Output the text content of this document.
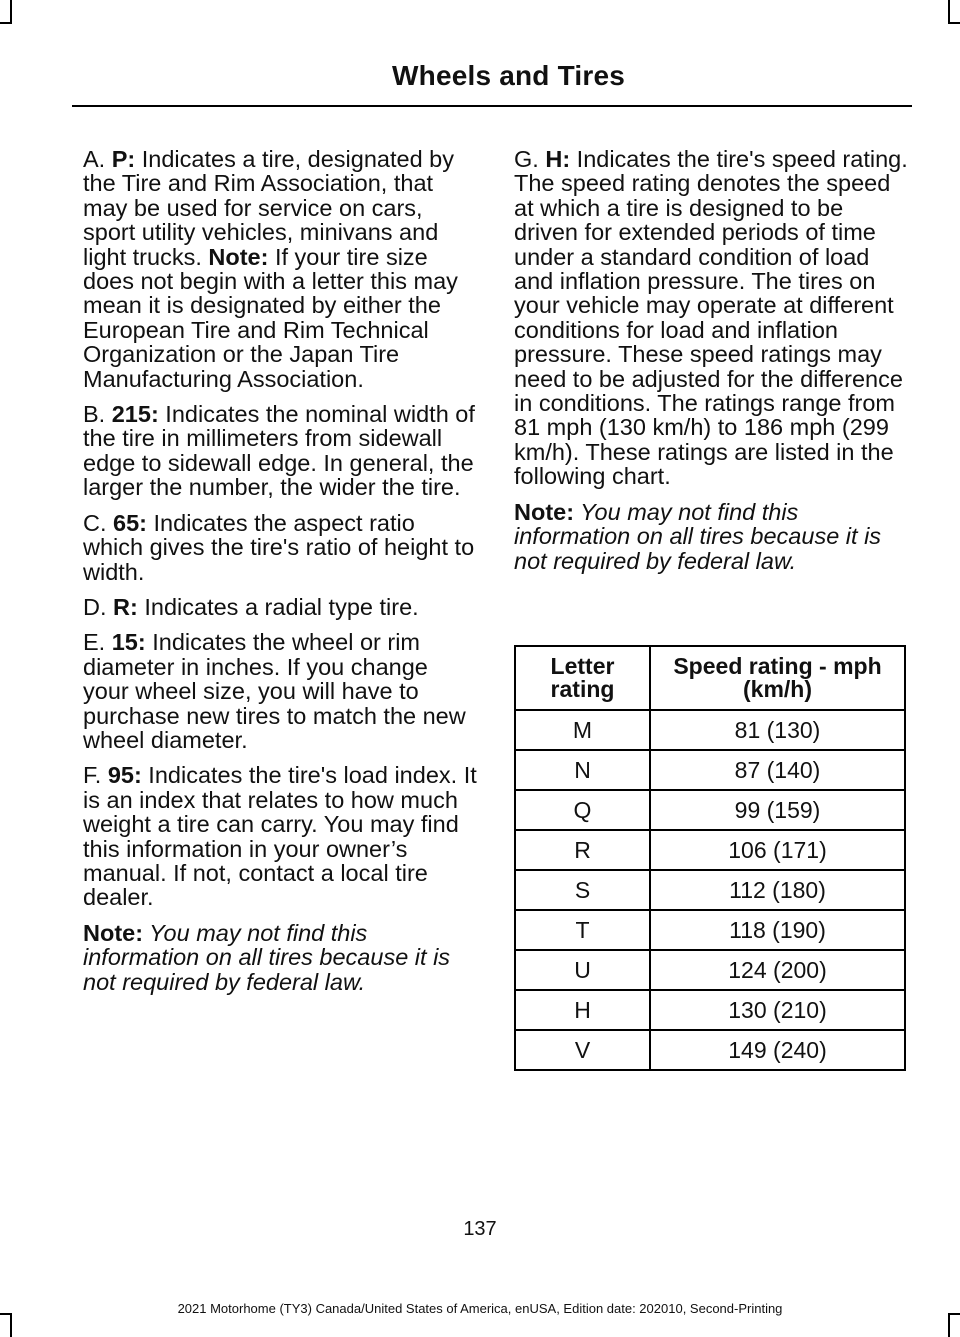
Wheels and Tires

A. P: Indicates a tire, designated by the Tire and Rim Association, that may be used for service on cars, sport utility vehicles, minivans and light trucks. Note: If your tire size does not begin with a letter this may mean it is designated by either the European Tire and Rim Technical Organization or the Japan Tire Manufacturing Association.

B. 215: Indicates the nominal width of the tire in millimeters from sidewall edge to sidewall edge. In general, the larger the number, the wider the tire.

C. 65: Indicates the aspect ratio which gives the tire's ratio of height to width.

D. R: Indicates a radial type tire.

E. 15: Indicates the wheel or rim diameter in inches. If you change your wheel size, you will have to purchase new tires to match the new wheel diameter.

F. 95: Indicates the tire's load index. It is an index that relates to how much weight a tire can carry. You may find this information in your owner’s manual. If not, contact a local tire dealer.

Note: You may not find this information on all tires because it is not required by federal law.

G. H: Indicates the tire's speed rating. The speed rating denotes the speed at which a tire is designed to be driven for extended periods of time under a standard condition of load and inflation pressure. The tires on your vehicle may operate at different conditions for load and inflation pressure. These speed ratings may need to be adjusted for the difference in conditions. The ratings range from 81 mph (130 km/h) to 186 mph (299 km/h). These ratings are listed in the following chart.

Note: You may not find this information on all tires because it is not required by federal law.

Letter rating	Speed rating - mph (km/h)
M	81 (130)
N	87 (140)
Q	99 (159)
R	106 (171)
S	112 (180)
T	118 (190)
U	124 (200)
H	130 (210)
V	149 (240)
137
2021 Motorhome (TY3) Canada/United States of America, enUSA, Edition date: 202010, Second-Printing
